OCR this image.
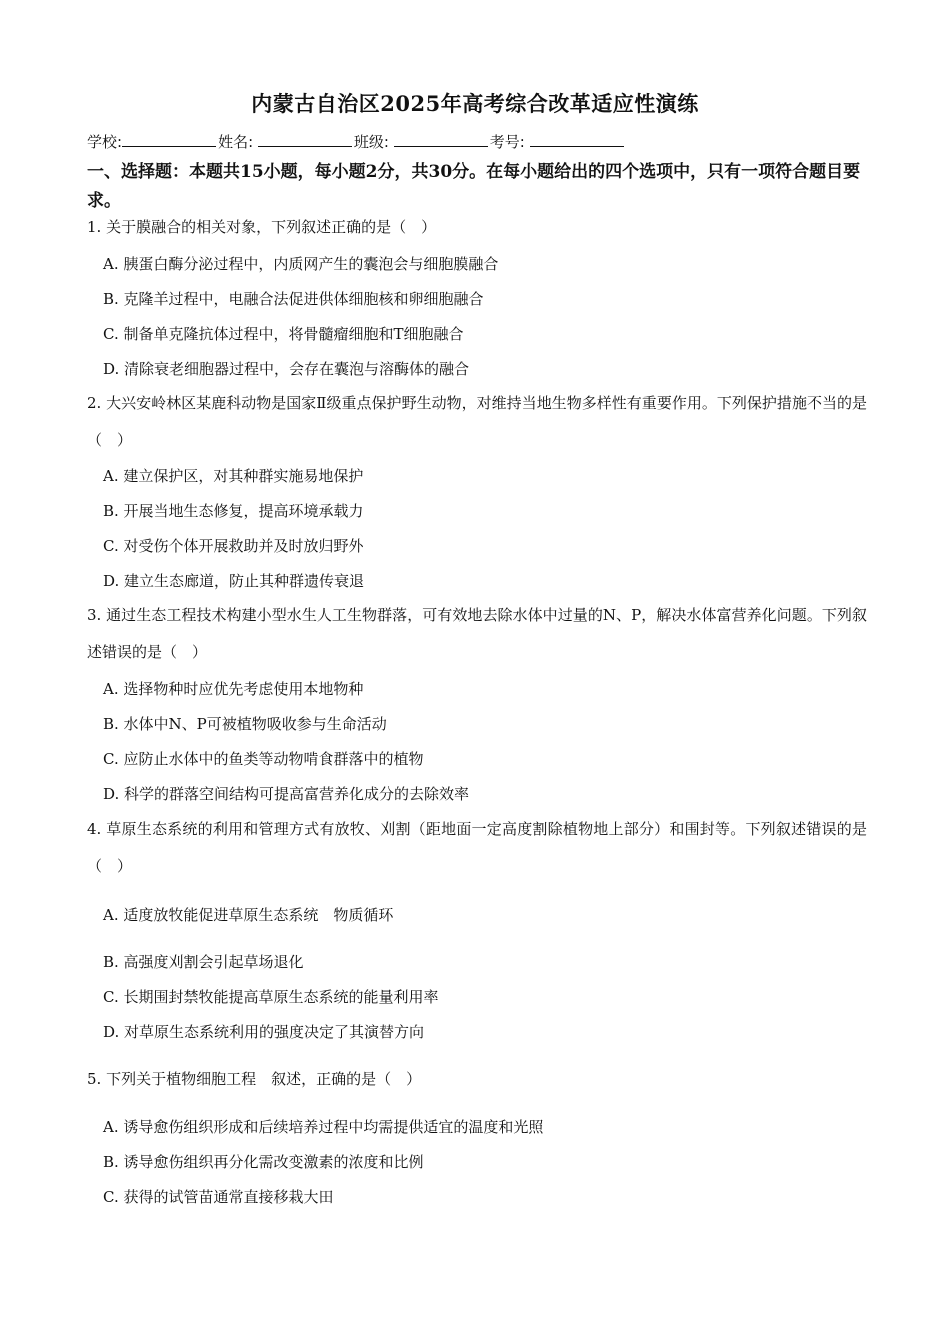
内蒙古自治区2025年高考综合改革适应性演练
学校:	姓名:	班级:	考号:
一、选择题：本题共15小题，每小题2分，共30分。在每小题给出的四个选项中，只有一项符合题目要求。
1. 关于膜融合的相关对象，下列叙述正确的是（　）
A. 胰蛋白酶分泌过程中，内质网产生的囊泡会与细胞膜融合
B. 克隆羊过程中，电融合法促进供体细胞核和卵细胞融合
C. 制备单克隆抗体过程中，将骨髓瘤细胞和T细胞融合
D. 清除衰老细胞器过程中，会存在囊泡与溶酶体的融合
2. 大兴安岭林区某鹿科动物是国家Ⅱ级重点保护野生动物，对维持当地生物多样性有重要作用。下列保护措施不当的是（　）
A. 建立保护区，对其种群实施易地保护
B. 开展当地生态修复，提高环境承载力
C. 对受伤个体开展救助并及时放归野外
D. 建立生态廊道，防止其种群遗传衰退
3. 通过生态工程技术构建小型水生人工生物群落，可有效地去除水体中过量的N、P，解决水体富营养化问题。下列叙述错误的是（　）
A. 选择物种时应优先考虑使用本地物种
B. 水体中N、P可被植物吸收参与生命活动
C. 应防止水体中的鱼类等动物啃食群落中的植物
D. 科学的群落空间结构可提高富营养化成分的去除效率
4. 草原生态系统的利用和管理方式有放牧、刈割（距地面一定高度割除植物地上部分）和围封等。下列叙述错误的是（　）
A. 适度放牧能促进草原生态系统　物质循环
B. 高强度刈割会引起草场退化
C. 长期围封禁牧能提高草原生态系统的能量利用率
D. 对草原生态系统利用的强度决定了其演替方向
5. 下列关于植物细胞工程　叙述，正确的是（　）
A. 诱导愈伤组织形成和后续培养过程中均需提供适宜的温度和光照
B. 诱导愈伤组织再分化需改变激素的浓度和比例
C. 获得的试管苗通常直接移栽大田
